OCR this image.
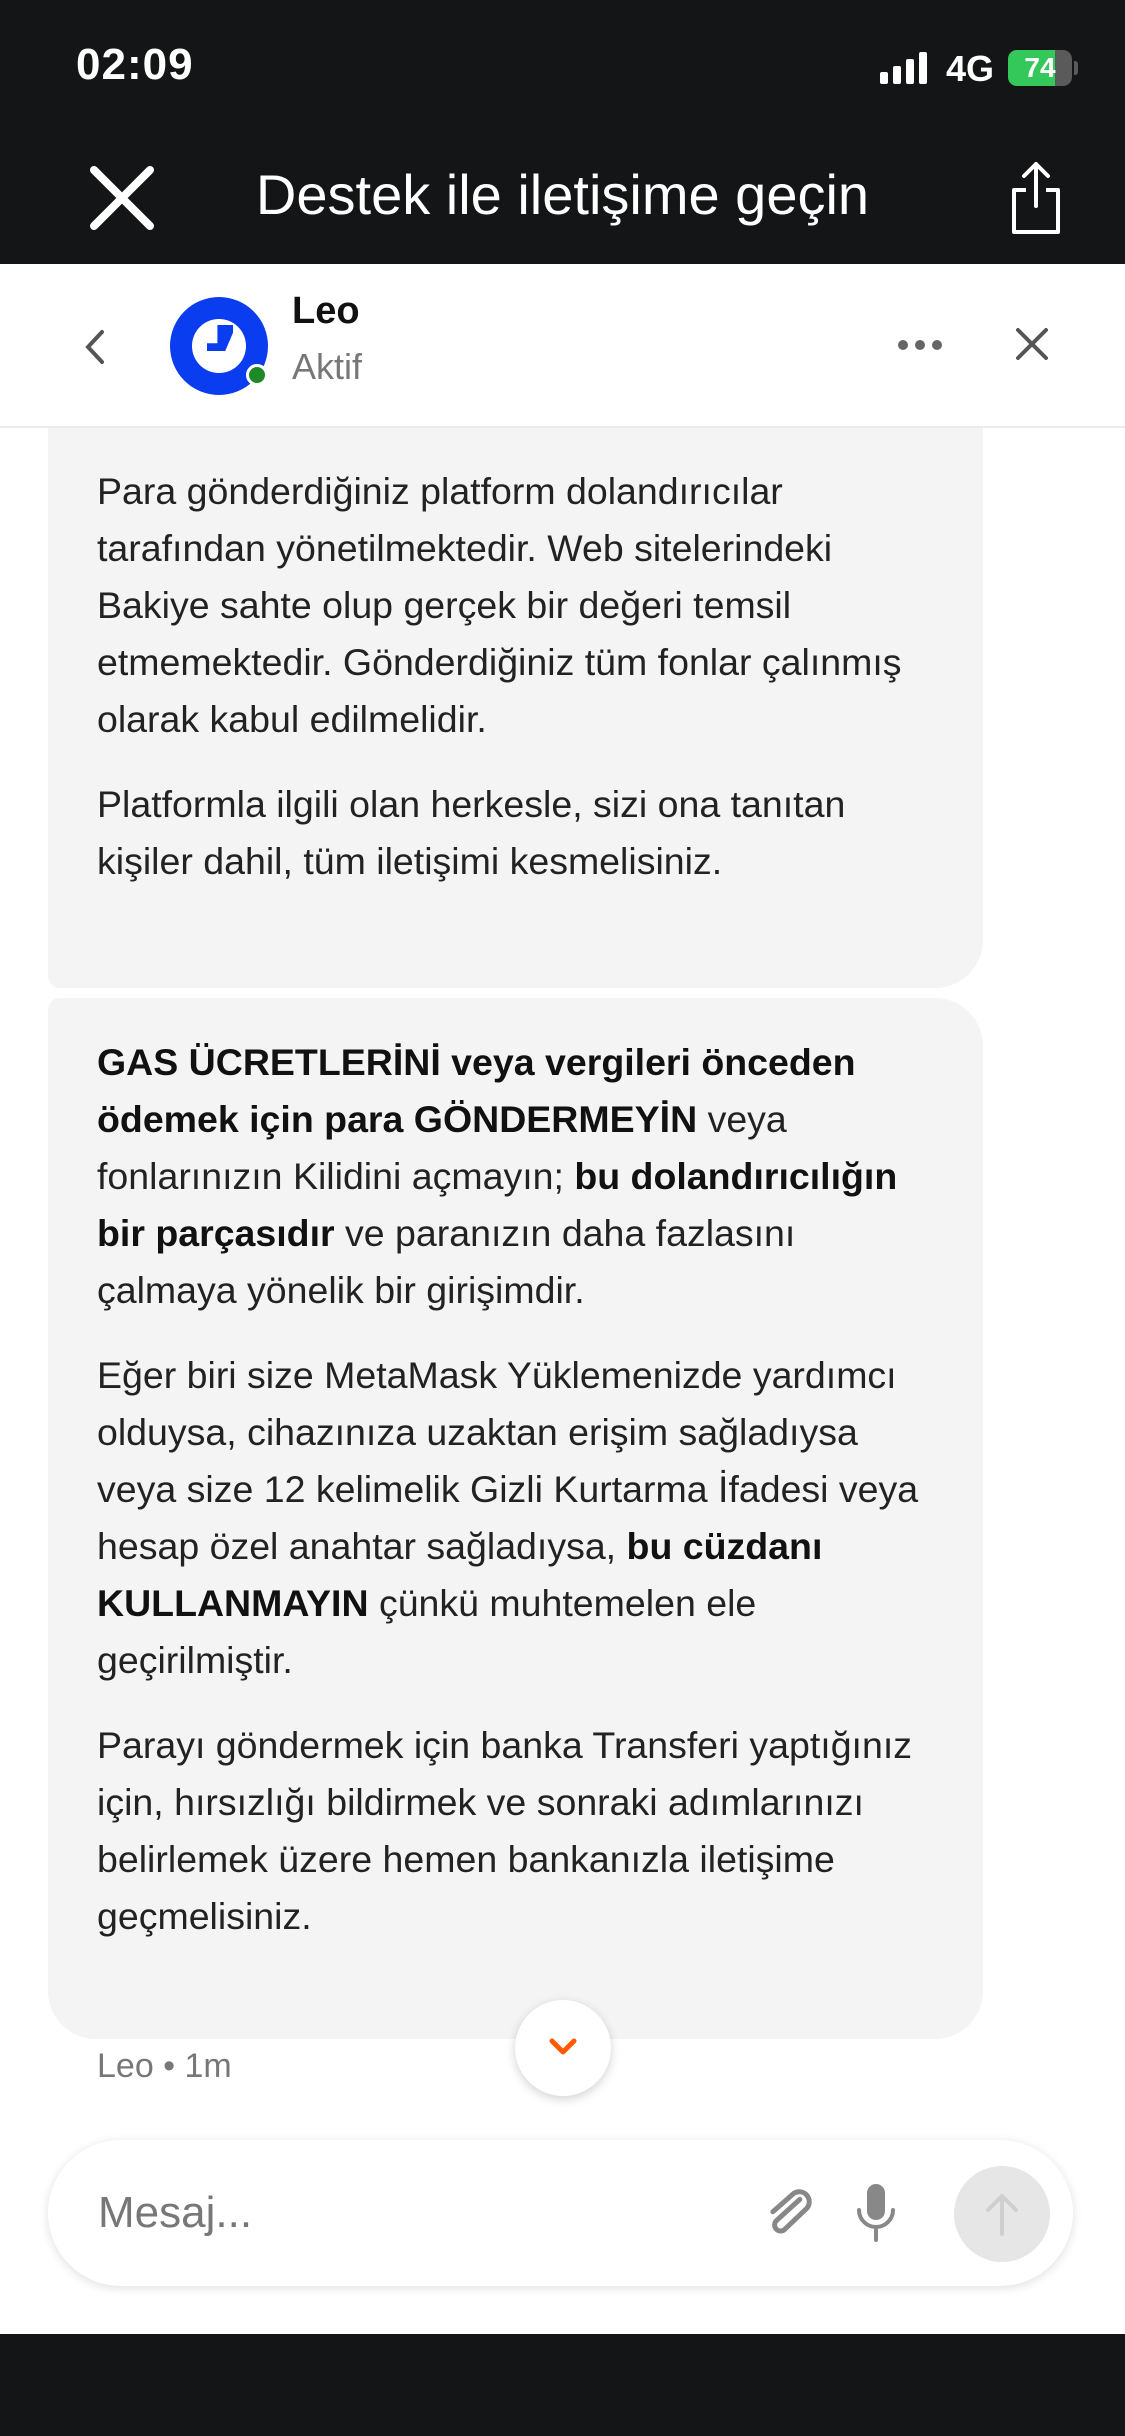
02:09	4G	74
Destek ile iletişime geçin
Leo
Aktif

Para gönderdiğiniz platform dolandırıcılar tarafından yönetilmektedir. Web sitelerindeki Bakiye sahte olup gerçek bir değeri temsil etmemektedir. Gönderdiğiniz tüm fonlar çalınmış olarak kabul edilmelidir.

Platformla ilgili olan herkesle, sizi ona tanıtan kişiler dahil, tüm iletişimi kesmelisiniz.

GAS ÜCRETLERİNİ veya vergileri önceden ödemek için para GÖNDERMEYİN veya fonlarınızın Kilidini açmayın; bu dolandırıcılığın bir parçasıdır ve paranızın daha fazlasını çalmaya yönelik bir girişimdir.

Eğer biri size MetaMask Yüklemenizde yardımcı olduysa, cihazınıza uzaktan erişim sağladıysa veya size 12 kelimelik Gizli Kurtarma İfadesi veya hesap özel anahtar sağladıysa, bu cüzdanı KULLANMAYIN çünkü muhtemelen ele geçirilmiştir.

Parayı göndermek için banka Transferi yaptığınız için, hırsızlığı bildirmek ve sonraki adımlarınızı belirlemek üzere hemen bankanızla iletişime geçmelisiniz.

Leo • 1m
Mesaj...
